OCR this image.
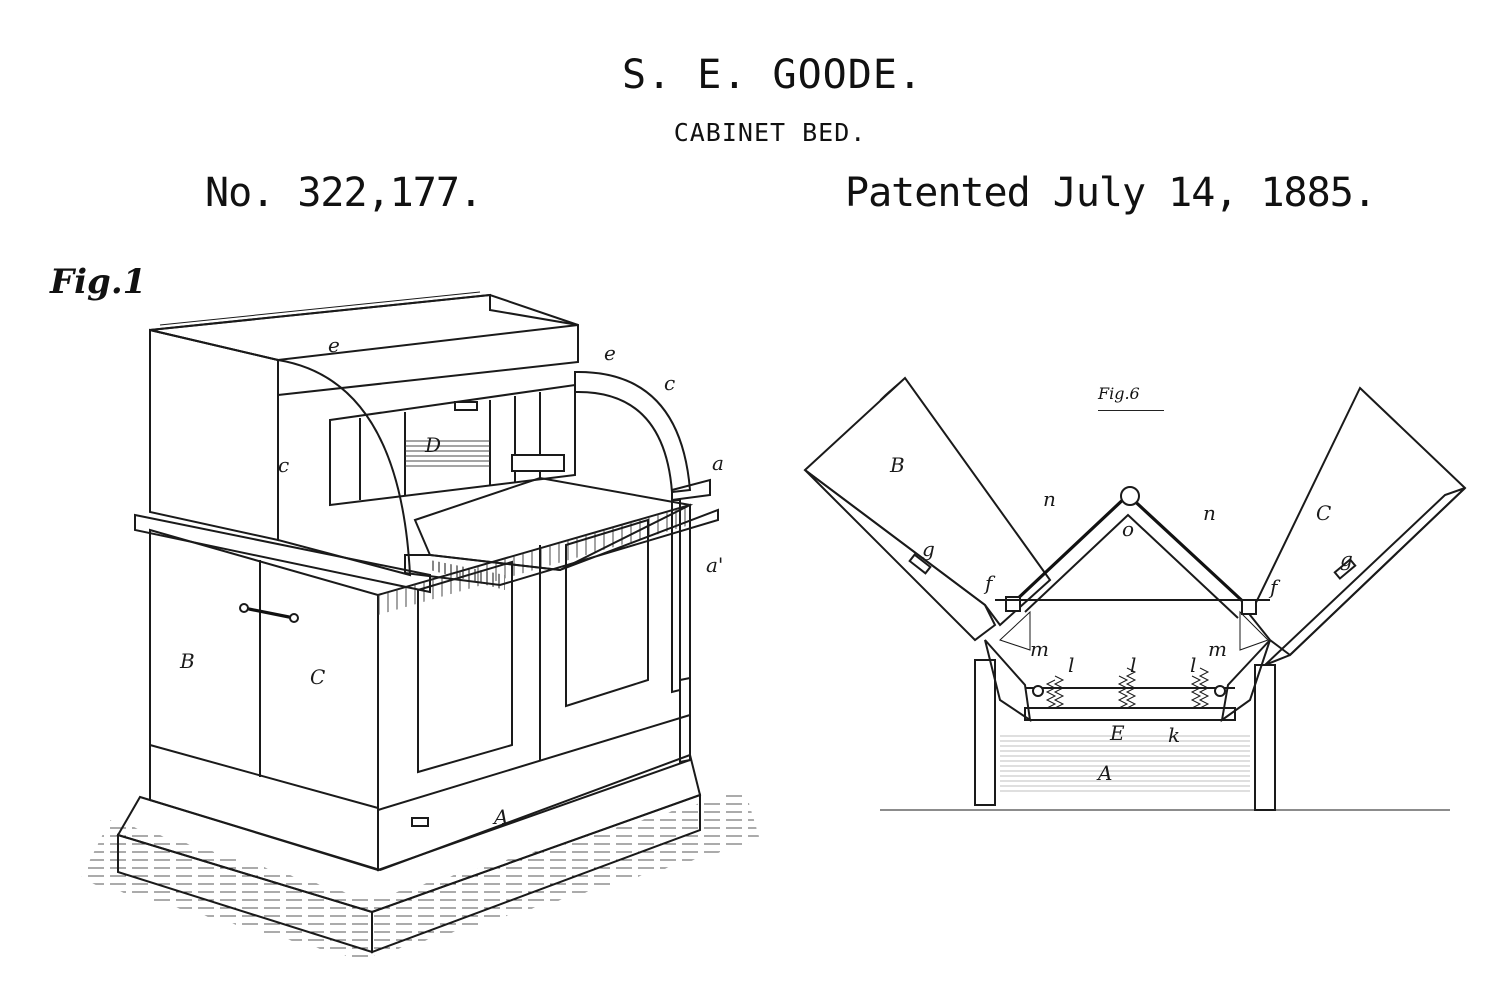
S. E. GOODE.
CABINET BED.
No. 322,177.	Patented July 14, 1885.
Fig.1
Fig.6
e	e
c
a
a'
c
D
B
C
A
B
C
n
n
o
g	g
f	f
m	m
l	l	l
E k
A
